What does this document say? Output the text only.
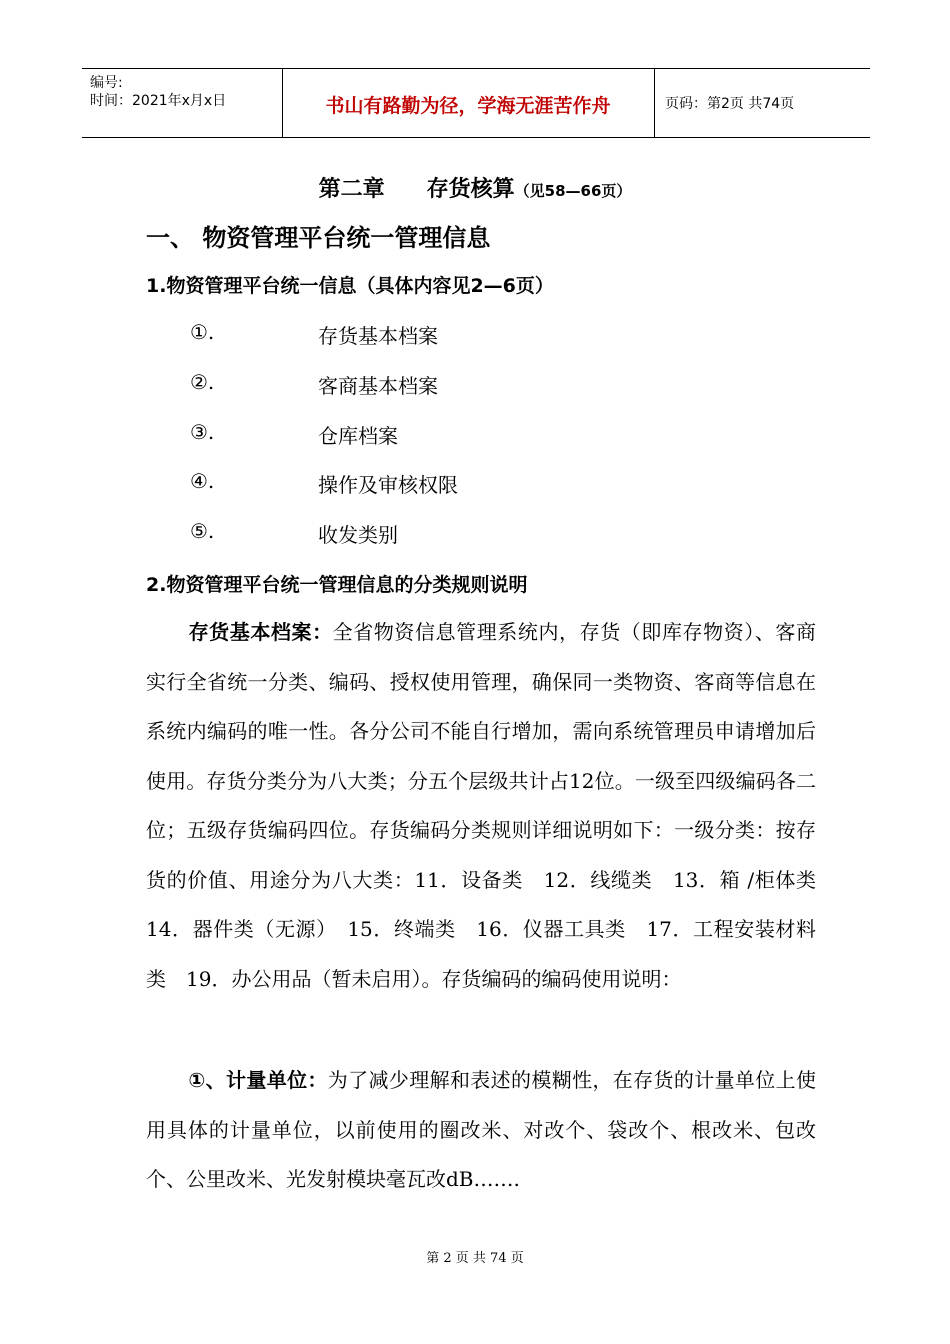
编号:
时间：2021年x月x日	书山有路勤为径，学海无涯苦作舟	页码：第2页 共74页
第二章 存货核算（见58—66页）
一、 物资管理平台统一管理信息
1.物资管理平台统一信息（具体内容见2—6页）
①.	存货基本档案
②.	客商基本档案
③.	仓库档案
④.	操作及审核权限
⑤.	收发类别
2.物资管理平台统一管理信息的分类规则说明
存货基本档案：全省物资信息管理系统内，存货（即库存物资）、客商实行全省统一分类、编码、授权使用管理，确保同一类物资、客商等信息在系统内编码的唯一性。各分公司不能自行增加，需向系统管理员申请增加后使用。存货分类分为八大类；分五个层级共计占12位。一级至四级编码各二位；五级存货编码四位。存货编码分类规则详细说明如下：一级分类：按存货的价值、用途分为八大类：11．设备类　12．线缆类　13．箱 /柜体类　14．器件类（无源）　15．终端类　16．仪器工具类　17．工程安装材料类　19．办公用品（暂未启用）。存货编码的编码使用说明：
①、计量单位：为了减少理解和表述的模糊性，在存货的计量单位上使用具体的计量单位，以前使用的圈改米、对改个、袋改个、根改米、包改个、公里改米、光发射模块毫瓦改dB…….
第 2 页 共 74 页
